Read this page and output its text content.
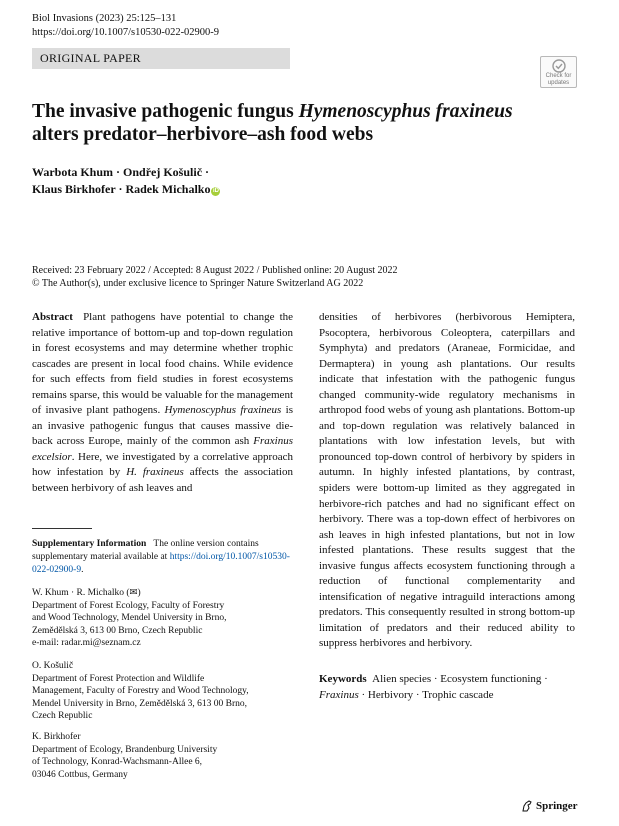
Biol Invasions (2023) 25:125–131
https://doi.org/10.1007/s10530-022-02900-9
ORIGINAL PAPER
Check for
updates
The invasive pathogenic fungus Hymenoscyphus fraxineus
alters predator–herbivore–ash food webs
Warbota Khum · Ondřej Košulič ·
Klaus Birkhofer · Radek Michalko iD
Received: 23 February 2022 / Accepted: 8 August 2022 / Published online: 20 August 2022
© The Author(s), under exclusive licence to Springer Nature Switzerland AG 2022
Abstract Plant pathogens have potential to change the relative importance of bottom-up and top-down regulation in forest ecosystems and may determine whether trophic cascades are present in local food chains. While evidence for such effects from field studies in forest ecosystems remains sparse, this would be valuable for the management of invasive plant pathogens. Hymenoscyphus fraxineus is an invasive pathogenic fungus that causes massive die-back across Europe, mainly of the common ash Fraxinus excelsior. Here, we investigated by a correlative approach how infestation by H. fraxineus affects the association between herbivory of ash leaves and
densities of herbivores (herbivorous Hemiptera, Psocoptera, herbivorous Coleoptera, caterpillars and Symphyta) and predators (Araneae, Formicidae, and Dermaptera) in young ash plantations. Our results indicate that infestation with the pathogenic fungus changed community-wide regulatory mechanisms in arthropod food webs of young ash plantations. Bottom-up and top-down regulation was relatively balanced in plantations with low infestation levels, but with pronounced top-down control of herbivory by spiders in autumn. In highly infested plantations, by contrast, spiders were bottom-up limited as they aggregated in herbivore-rich patches and had no significant effect on herbivory. There was a top-down effect of herbivores on ash leaves in high infested plantations, but not in low infested plantations. These results suggest that the invasive fungus affects ecosystem functioning through a reduction of functional complementarity and intensification of negative intraguild interactions among predators. This consequently resulted in strong bottom-up limitation of predators and their reduced ability to suppress herbivores and herbivory.
Keywords Alien species · Ecosystem functioning ·
Fraxinus · Herbivory · Trophic cascade
Supplementary Information The online version contains supplementary material available at https://doi.org/10.1007/s10530-022-02900-9.
W. Khum · R. Michalko (✉)
Department of Forest Ecology, Faculty of Forestry
and Wood Technology, Mendel University in Brno,
Zemědělská 3, 613 00 Brno, Czech Republic
e-mail: radar.mi@seznam.cz
O. Košulič
Department of Forest Protection and Wildlife
Management, Faculty of Forestry and Wood Technology,
Mendel University in Brno, Zemědělská 3, 613 00 Brno,
Czech Republic
K. Birkhofer
Department of Ecology, Brandenburg University
of Technology, Konrad-Wachsmann-Allee 6,
03046 Cottbus, Germany
Springer
